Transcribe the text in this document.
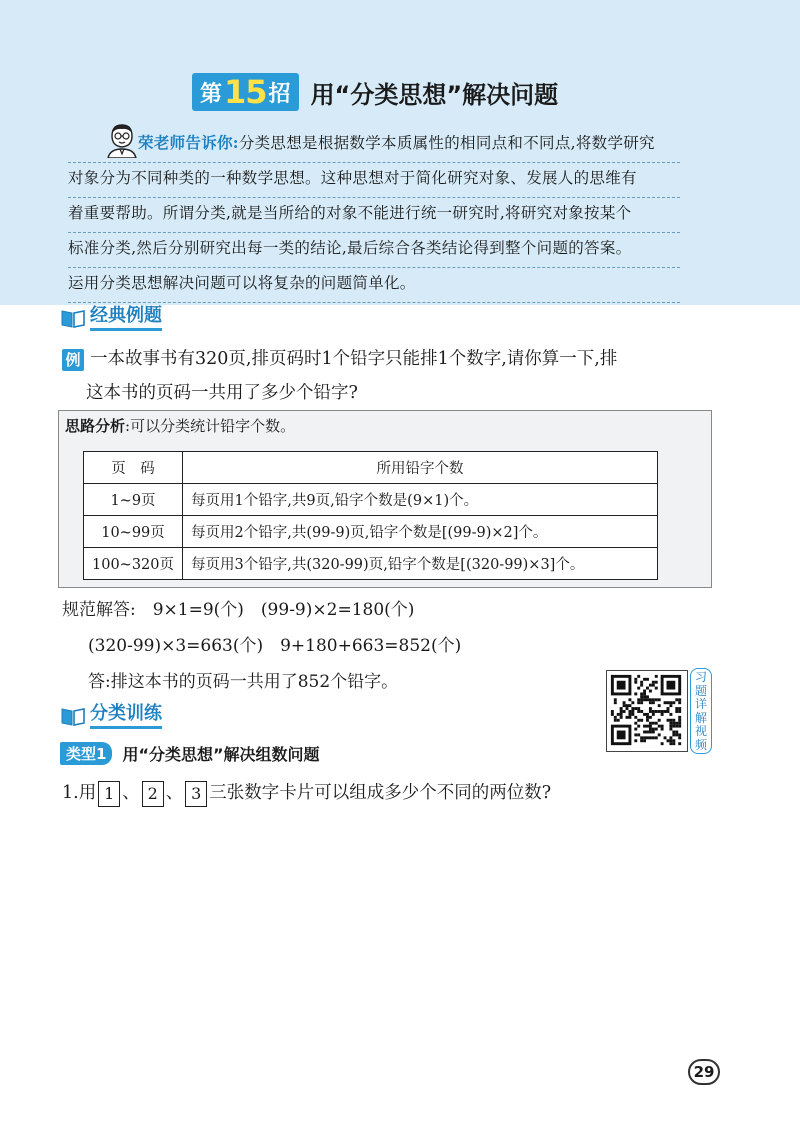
第 15 招 用“分类思想”解决问题
荣老师告诉你:分类思想是根据数学本质属性的相同点和不同点,将数学研究
对象分为不同种类的一种数学思想。这种思想对于简化研究对象、发展人的思维有
着重要帮助。所谓分类,就是当所给的对象不能进行统一研究时,将研究对象按某个
标准分类,然后分别研究出每一类的结论,最后综合各类结论得到整个问题的答案。
运用分类思想解决问题可以将复杂的问题简单化。
经典例题
例 一本故事书有320页,排页码时1个铅字只能排1个数字,请你算一下,排
这本书的页码一共用了多少个铅字?
思路分析:可以分类统计铅字个数。
页　码	所用铅字个数
1~9页	每页用1个铅字,共9页,铅字个数是(9×1)个。
10~99页	每页用2个铅字,共(99-9)页,铅字个数是[(99-9)×2]个。
100~320页	每页用3个铅字,共(320-99)页,铅字个数是[(320-99)×3]个。
规范解答:　9×1=9(个)　(99-9)×2=180(个)
(320-99)×3=663(个)　9+180+663=852(个)
答:排这本书的页码一共用了852个铅字。	习
题
详
解
视
频
分类训练
类型1	用“分类思想”解决组数问题
1.用 1 、 2 、 3 三张数字卡片可以组成多少个不同的两位数?
29
